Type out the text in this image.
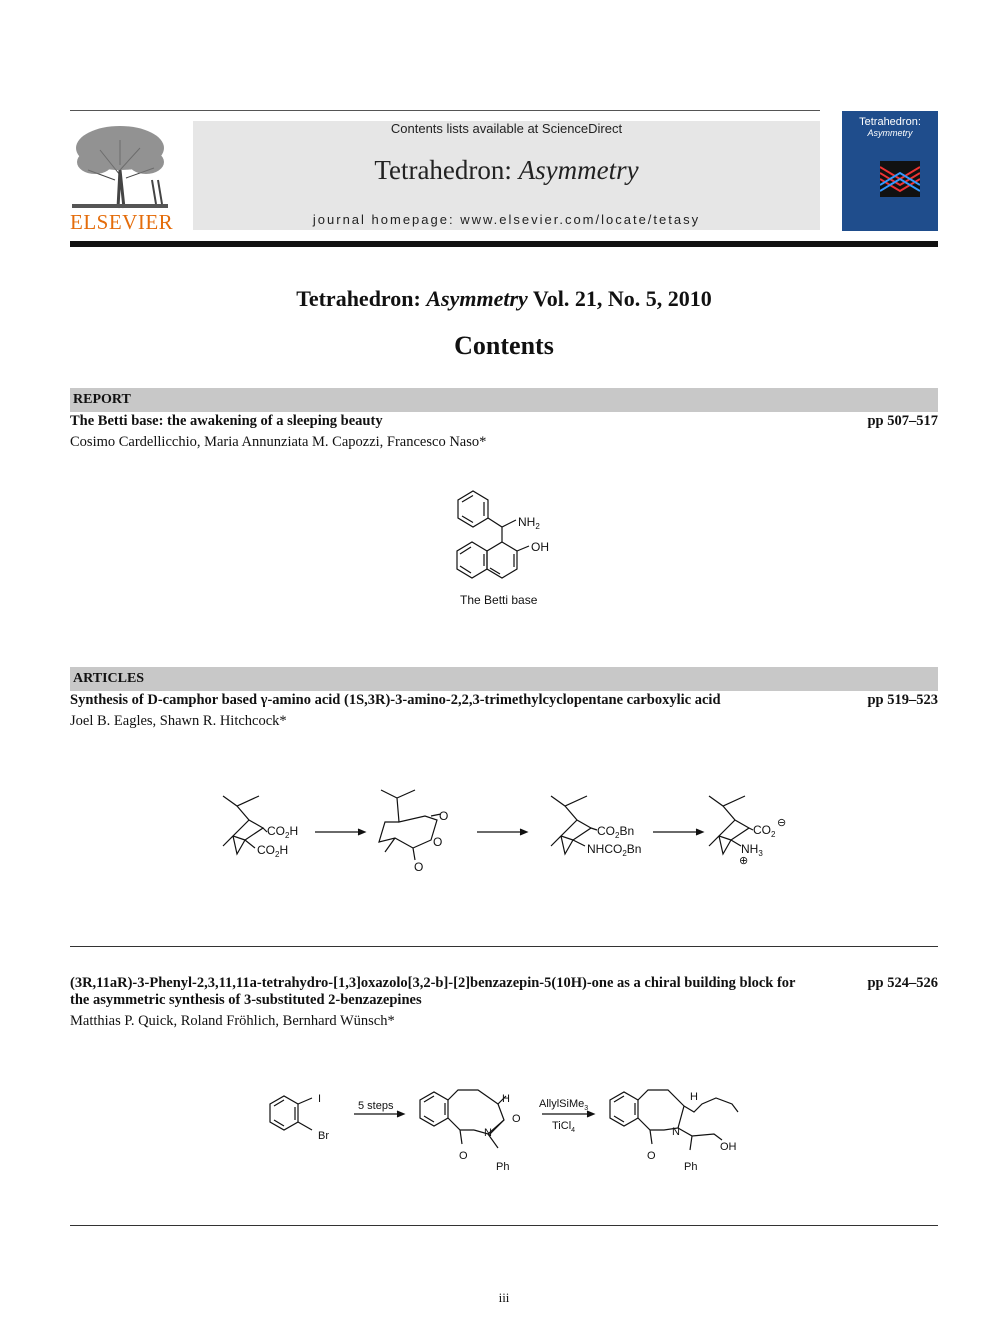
ELSEVIER
Contents lists available at ScienceDirect
Tetrahedron: Asymmetry
journal homepage: www.elsevier.com/locate/tetasy
Tetrahedron:
Asymmetry
Tetrahedron: Asymmetry Vol. 21, No. 5, 2010
Contents
REPORT
The Betti base: the awakening of a sleeping beauty	pp 507–517
Cosimo Cardellicchio, Maria Annunziata M. Capozzi, Francesco Naso*
$NH_2$
OH
The Betti base
ARTICLES
Synthesis of D-camphor based γ-amino acid (1S,3R)-3-amino-2,2,3-trimethylcyclopentane carboxylic acid	pp 519–523
Joel B. Eagles, Shawn R. Hitchcock*
$CO_2H$
$CO_2H$
O
O
O
$CO_2Bn$
$NHCO_2Bn$
$CO_2$
⊖
$NH_3$
⊕
(3R,11aR)-3-Phenyl-2,3,11,11a-tetrahydro-[1,3]oxazolo[3,2-b]-[2]benzazepin-5(10H)-one as a chiral building block for the asymmetric synthesis of 3-substituted 2-benzazepines
pp 524–526
Matthias P. Quick, Roland Fröhlich, Bernhard Wünsch*
I
Br
5 steps
H
O
N
O
Ph
AllylSiMe$_3$
TiCl$_4$
H
N
O
OH
Ph
iii
